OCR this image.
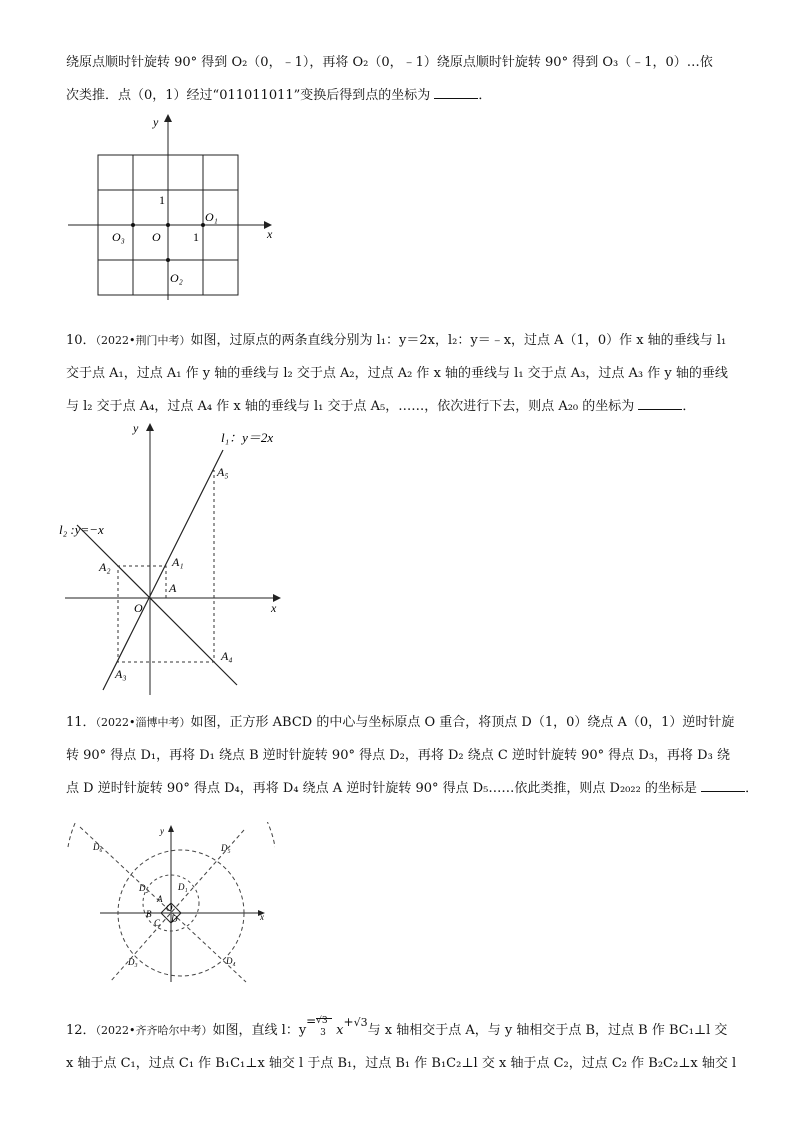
绕原点顺时针旋转 90° 得到 O₂（0，﹣1），再将 O₂（0，﹣1）绕原点顺时针旋转 90° 得到 O₃（﹣1，0）…依
次类推．点（0，1）经过“011011011”变换后得到点的坐标为	．
y
x
1
1
O
O₁
O₃
O₂
10．（2022•荆门中考）如图，过原点的两条直线分别为 l₁：y＝2x，l₂：y＝﹣x，过点 A（1，0）作 x 轴的垂线与 l₁
交于点 A₁，过点 A₁ 作 y 轴的垂线与 l₂ 交于点 A₂，过点 A₂ 作 x 轴的垂线与 l₁ 交于点 A₃，过点 A₃ 作 y 轴的垂线
与 l₂ 交于点 A₄，过点 A₄ 作 x 轴的垂线与 l₁ 交于点 A₅，……，依次进行下去，则点 A₂₀ 的坐标为	．
y
x
l₁：y＝2x
l₂ :y=−x
O
A
A₁
A₂
A₃
A₄
A₅
11．（2022•淄博中考）如图，正方形 ABCD 的中心与坐标原点 O 重合，将顶点 D（1，0）绕点 A（0，1）逆时针旋
转 90° 得点 D₁，再将 D₁ 绕点 B 逆时针旋转 90° 得点 D₂，再将 D₂ 绕点 C 逆时针旋转 90° 得点 D₃，再将 D₃ 绕
点 D 逆时针旋转 90° 得点 D₄，再将 D₄ 绕点 A 逆时针旋转 90° 得点 D₅……依此类推，则点 D₂₀₂₂ 的坐标是	．
y
x
O
A
B
C D
D₁
D₂
D₃	D₄
D₅
D₆
12．（2022•齐齐哈尔中考）如图，直线 l：y
= √3
3 x+$^{√3}$与 x 轴相交于点 A，与 y 轴相交于点 B，过点 B 作 BC₁⊥l 交
x 轴于点 C₁，过点 C₁ 作 B₁C₁⊥x 轴交 l 于点 B₁，过点 B₁ 作 B₁C₂⊥l 交 x 轴于点 C₂，过点 C₂ 作 B₂C₂⊥x 轴交 l
